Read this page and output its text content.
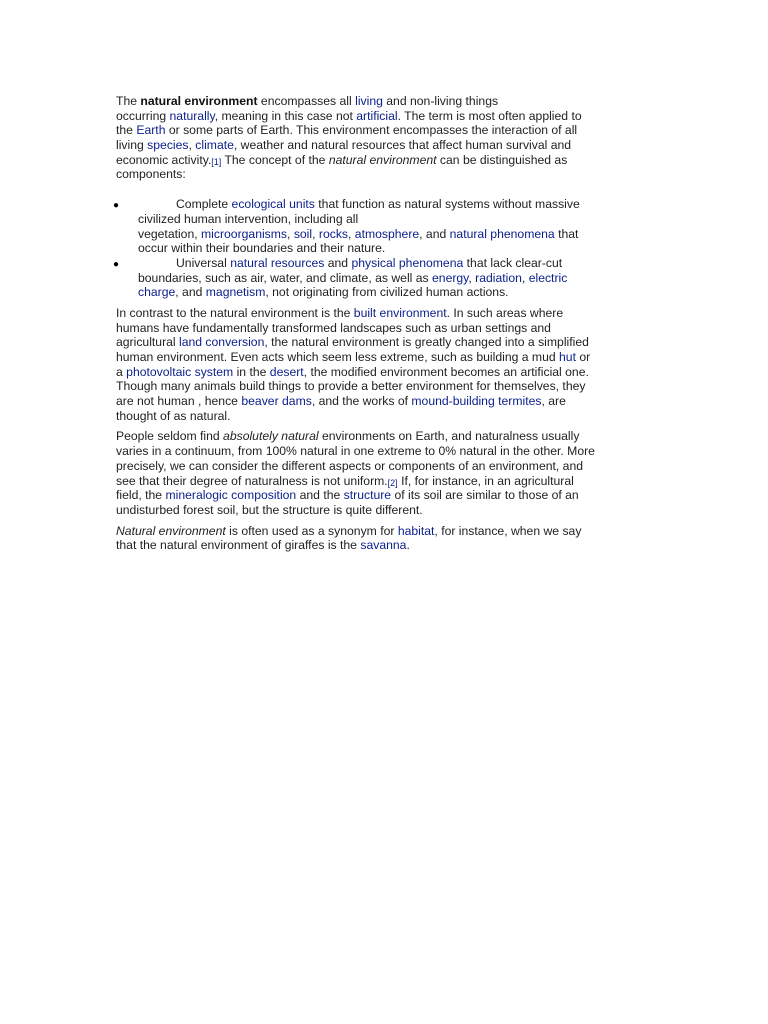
The natural environment encompasses all living and non-living things
occurring naturally, meaning in this case not artificial. The term is most often applied to
the Earth or some parts of Earth. This environment encompasses the interaction of all
living species, climate, weather and natural resources that affect human survival and
economic activity.[1] The concept of the natural environment can be distinguished as
components:
●	Complete ecological units that function as natural systems without massive
civilized human intervention, including all
vegetation, microorganisms, soil, rocks, atmosphere, and natural phenomena that
occur within their boundaries and their nature.
●	Universal natural resources and physical phenomena that lack clear-cut
boundaries, such as air, water, and climate, as well as energy, radiation, electric
charge, and magnetism, not originating from civilized human actions.
In contrast to the natural environment is the built environment. In such areas where
humans have fundamentally transformed landscapes such as urban settings and
agricultural land conversion, the natural environment is greatly changed into a simplified
human environment. Even acts which seem less extreme, such as building a mud hut or
a photovoltaic system in the desert, the modified environment becomes an artificial one.
Though many animals build things to provide a better environment for themselves, they
are not human , hence beaver dams, and the works of mound-building termites, are
thought of as natural.
People seldom find absolutely natural environments on Earth, and naturalness usually
varies in a continuum, from 100% natural in one extreme to 0% natural in the other. More
precisely, we can consider the different aspects or components of an environment, and
see that their degree of naturalness is not uniform.[2] If, for instance, in an agricultural
field, the mineralogic composition and the structure of its soil are similar to those of an
undisturbed forest soil, but the structure is quite different.
Natural environment is often used as a synonym for habitat, for instance, when we say
that the natural environment of giraffes is the savanna.
